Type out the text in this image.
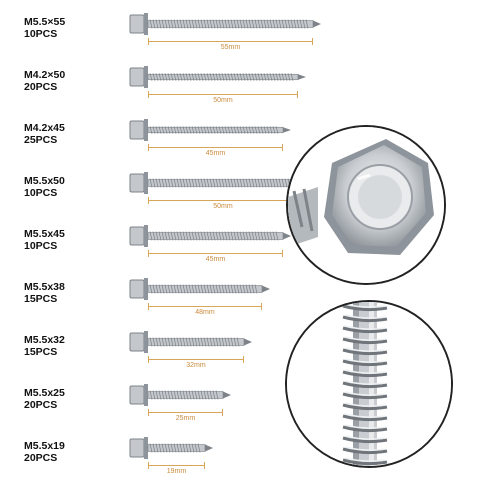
M5.5×55
10PCS
55mm
M4.2×50
20PCS
50mm
M4.2x45
25PCS
45mm
M5.5x50
10PCS
50mm
M5.5x45
10PCS
45mm
M5.5x38
15PCS
48mm
M5.5x32
15PCS
32mm
M5.5x25
20PCS
25mm
M5.5x19
20PCS
19mm
